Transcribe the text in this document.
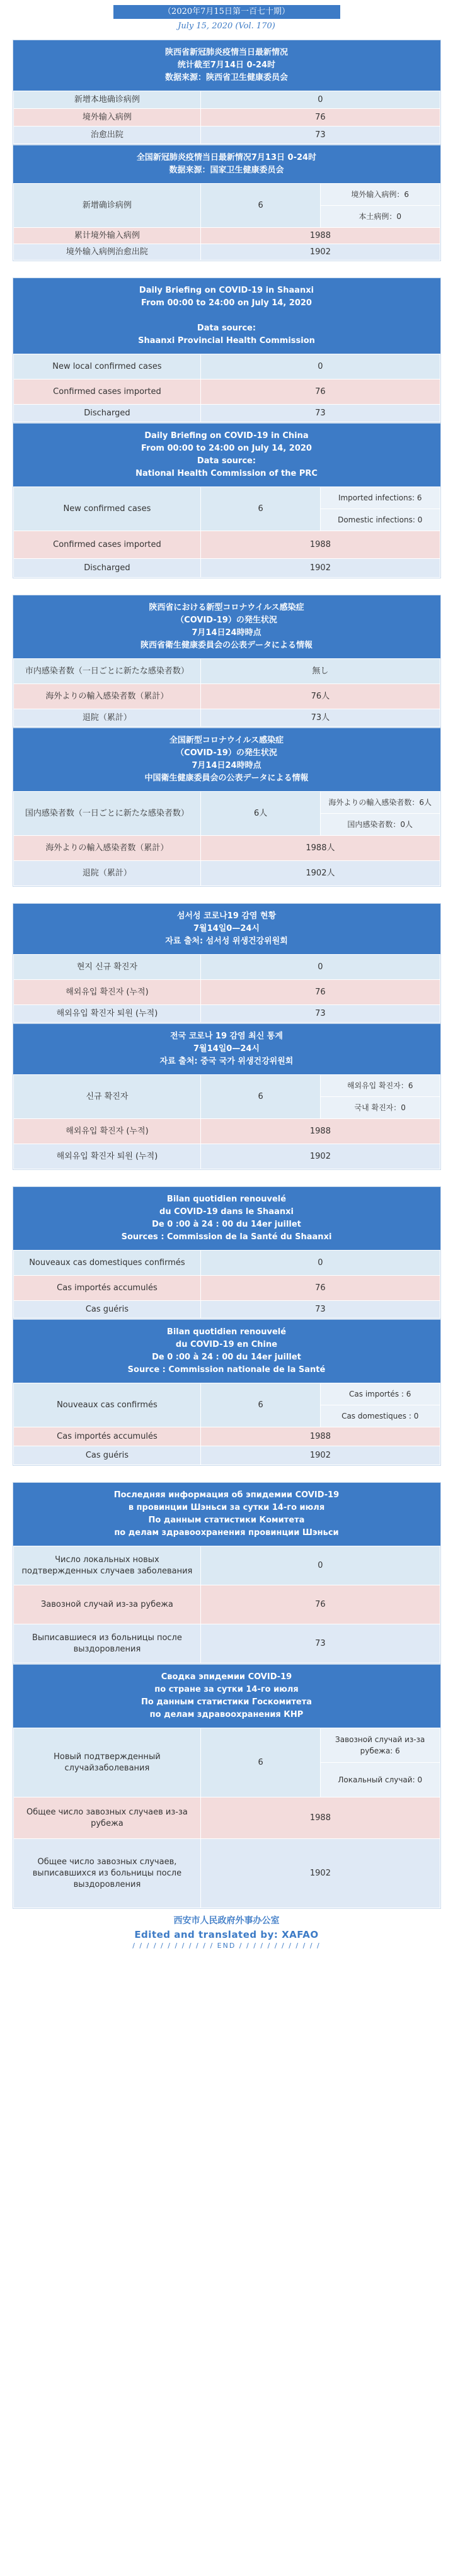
（2020年7月15日第一百七十期）
July 15, 2020 (Vol. 170)
陕西省新冠肺炎疫情当日最新情况
统计截至7月14日 0-24时
数据来源：陕西省卫生健康委员会
新增本地确诊病例	0
境外输入病例	76
治愈出院	73
全国新冠肺炎疫情当日最新情况7月13日 0-24时
数据来源：国家卫生健康委员会
新增确诊病例	6	境外输入病例：6
		本土病例：0
累计境外输入病例	1988	
境外输入病例治愈出院	1902	
Daily Briefing on COVID-19 in Shaanxi
From 00:00 to 24:00 on July 14, 2020
Data source:
Shaanxi Provincial Health Commission
New local confirmed cases	0
Confirmed cases imported	76
Discharged	73
Daily Briefing on COVID-19 in China
From 00:00 to 24:00 on July 14, 2020
Data source:
National Health Commission of the PRC
New confirmed cases	6	Imported infections: 6
		Domestic infections: 0
Confirmed cases imported	1988	
Discharged	1902	
陝西省における新型コロナウイルス感染症
（COVID-19）の発生状況
7月14日24時時点
陝西省衛生健康委員会の公表データによる情報
市内感染者数（一日ごとに新たな感染者数）	無し
海外よりの輸入感染者数（累計）	76人
退院（累計）	73人
全国新型コロナウイルス感染症
（COVID-19）の発生状況
7月14日24時時点
中国衛生健康委員会の公表データによる情報
国内感染者数（一日ごとに新たな感染者数）	6人	海外よりの輸入感染者数：6人
		国内感染者数：0人
海外よりの輸入感染者数（累計）	1988人	
退院（累計）	1902人	
섬서성 코로나19 감염 현황
7월14일0—24시
자료 출처: 섬서성 위생건강위원회
현지 신규 확진자	0
해외유입 확진자 (누적)	76
해외유입 확진자 퇴원 (누적)	73
전국 코로나 19 감염 최신 통계
7월14일0—24시
자료 출처: 중국 국가 위생건강위원회
신규 확진자	6	해외유입 확진자：6
		국내 확진자：0
해외유입 확진자 (누적)	1988	
해외유입 확진자 퇴원 (누적)	1902	
Bilan quotidien renouvelé
du COVID-19 dans le Shaanxi
De 0 :00 à 24 : 00 du 14er juillet
Sources : Commission de la Santé du Shaanxi
Nouveaux cas domestiques confirmés	0
Cas importés accumulés	76
Cas guéris	73
Bilan quotidien renouvelé
du COVID-19 en Chine
De 0 :00 à 24 : 00 du 14er juillet
Source : Commission nationale de la Santé
Nouveaux cas confirmés	6	Cas importés : 6
		Cas domestiques : 0
Cas importés accumulés	1988	
Cas guéris	1902	
Последняя информация об эпидемии COVID-19
в провинции Шэньси за сутки 14-го июля
По данным статистики Комитета
по делам здравоохранения провинции Шэньси
Число локальных новых подтвержденных случаев заболевания	0
Завозной случай из-за рубежа	76
Выписавшиеся из больницы после выздоровления	73
Сводка эпидемии COVID-19
по стране за сутки 14-го июля
По данным статистики Госкомитета
по делам здравоохранения КНР
Новый подтвержденный случайзаболевания	6	Завозной случай из-за рубежа: 6
		Локальный случай: 0
Общее число завозных случаев из-за рубежа	1988	
Общее число завозных случаев, выписавшихся из больницы после выздоровления	1902	
西安市人民政府外事办公室
Edited and translated by: XAFAO
/ / / / / / / / / / / / END / / / / / / / / / / / /
